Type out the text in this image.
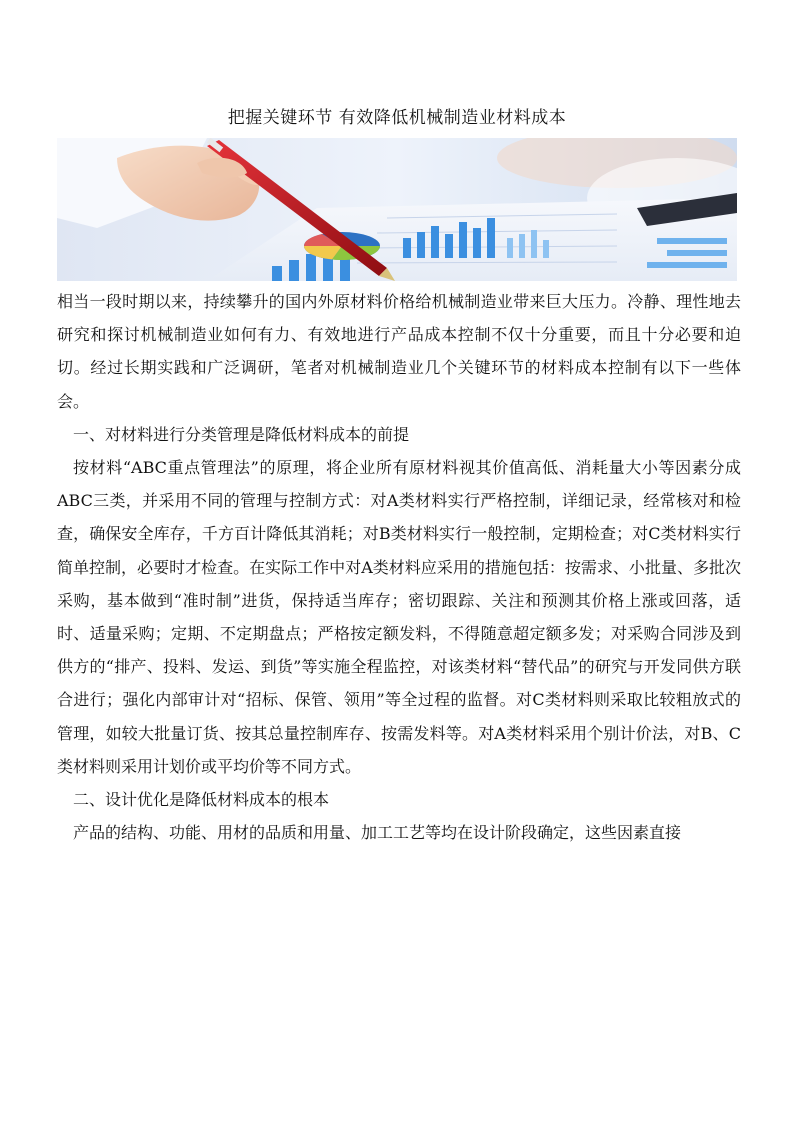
把握关键环节 有效降低机械制造业材料成本

相当一段时期以来，持续攀升的国内外原材料价格给机械制造业带来巨大压力。冷静、理性地去研究和探讨机械制造业如何有力、有效地进行产品成本控制不仅十分重要，而且十分必要和迫切。经过长期实践和广泛调研，笔者对机械制造业几个关键环节的材料成本控制有以下一些体会。

一、对材料进行分类管理是降低材料成本的前提

按材料“ABC重点管理法”的原理，将企业所有原材料视其价值高低、消耗量大小等因素分成ABC三类，并采用不同的管理与控制方式：对A类材料实行严格控制，详细记录，经常核对和检查，确保安全库存，千方百计降低其消耗；对B类材料实行一般控制，定期检查；对C类材料实行简单控制，必要时才检查。在实际工作中对A类材料应采用的措施包括：按需求、小批量、多批次采购，基本做到“准时制”进货，保持适当库存；密切跟踪、关注和预测其价格上涨或回落，适时、适量采购；定期、不定期盘点；严格按定额发料，不得随意超定额多发；对采购合同涉及到供方的“排产、投料、发运、到货”等实施全程监控，对该类材料“替代品”的研究与开发同供方联合进行；强化内部审计对“招标、保管、领用”等全过程的监督。对C类材料则采取比较粗放式的管理，如较大批量订货、按其总量控制库存、按需发料等。对A类材料采用个别计价法，对B、C类材料则采用计划价或平均价等不同方式。

二、设计优化是降低材料成本的根本

产品的结构、功能、用材的品质和用量、加工工艺等均在设计阶段确定，这些因素直接
